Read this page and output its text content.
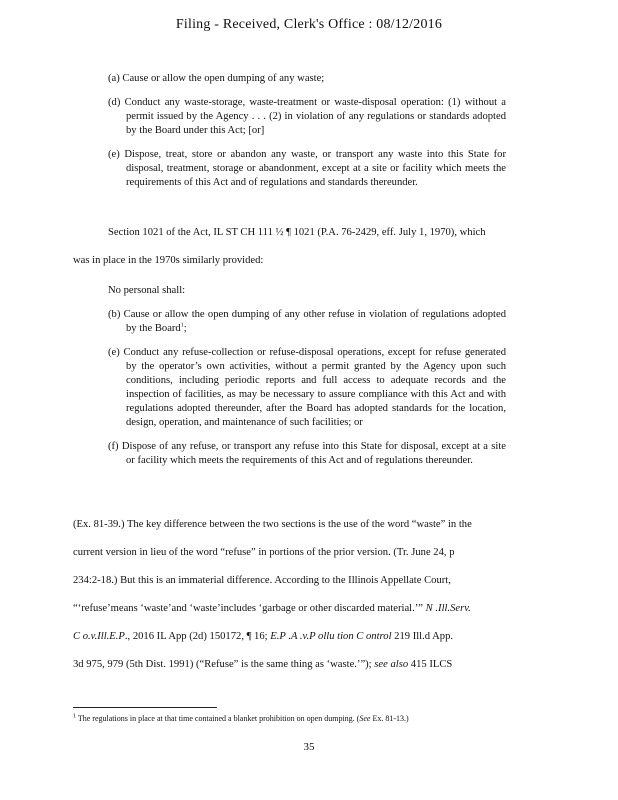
Filing - Received, Clerk's Office : 08/12/2016
(a) Cause or allow the open dumping of any waste;
(d) Conduct any waste-storage, waste-treatment or waste-disposal operation: (1) without a permit issued by the Agency . . . (2) in violation of any regulations or standards adopted by the Board under this Act; [or]
(e) Dispose, treat, store or abandon any waste, or transport any waste into this State for disposal, treatment, storage or abandonment, except at a site or facility which meets the requirements of this Act and of regulations and standards thereunder.
Section 1021 of the Act, IL ST CH 111 ½ ¶ 1021 (P.A. 76-2429, eff. July 1, 1970), which
was in place in the 1970s similarly provided:
No personal shall:
(b) Cause or allow the open dumping of any other refuse in violation of regulations adopted by the Board$^1$;
(e) Conduct any refuse-collection or refuse-disposal operations, except for refuse generated by the operator’s own activities, without a permit granted by the Agency upon such conditions, including periodic reports and full access to adequate records and the inspection of facilities, as may be necessary to assure compliance with this Act and with regulations adopted thereunder, after the Board has adopted standards for the location, design, operation, and maintenance of such facilities; or
(f) Dispose of any refuse, or transport any refuse into this State for disposal, except at a site or facility which meets the requirements of this Act and of regulations thereunder.
(Ex. 81-39.) The key difference between the two sections is the use of the word “waste” in the
current version in lieu of the word “refuse” in portions of the prior version. (Tr. June 24, p
234:2-18.) But this is an immaterial difference. According to the Illinois Appellate Court,
“‘refuse’means ‘waste’and ‘waste’includes ‘garbage or other discarded material.’” N .Ill.Serv.
C o.v.Ill.E.P., 2016 IL App (2d) 150172, ¶ 16; E.P .A .v.P ollu tion C ontrol 219 Ill.d App.
3d 975, 979 (5th Dist. 1991) (“Refuse” is the same thing as ‘waste.’”); see also 415 ILCS
$^1$ The regulations in place at that time contained a blanket prohibition on open dumping. (See Ex. 81-13.)
35
